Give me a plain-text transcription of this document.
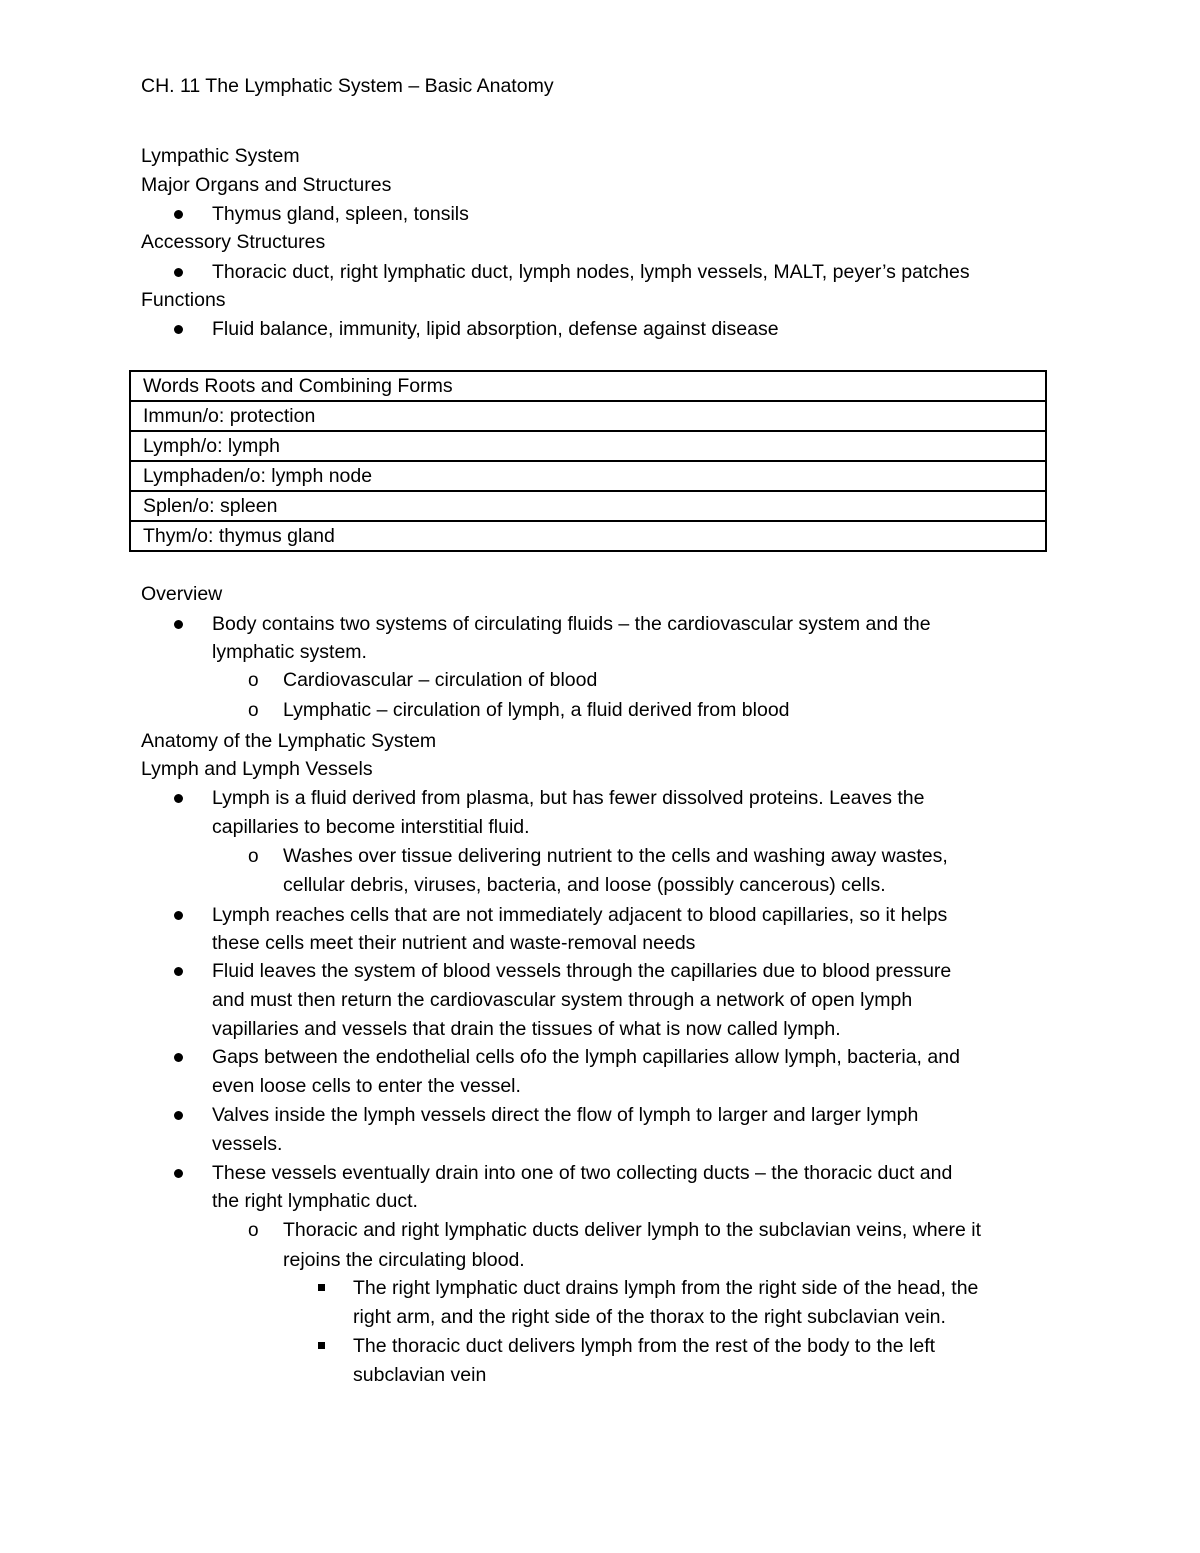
CH. 11 The Lymphatic System – Basic Anatomy
Lympathic System
Major Organs and Structures
Thymus gland, spleen, tonsils
Accessory Structures
Thoracic duct, right lymphatic duct, lymph nodes, lymph vessels, MALT, peyer’s patches
Functions
Fluid balance, immunity, lipid absorption, defense against disease
Words Roots and Combining Forms
Immun/o: protection
Lymph/o: lymph
Lymphaden/o: lymph node
Splen/o: spleen
Thym/o: thymus gland
Overview
Body contains two systems of circulating fluids – the cardiovascular system and the
lymphatic system.
o Cardiovascular – circulation of blood
o Lymphatic – circulation of lymph, a fluid derived from blood
Anatomy of the Lymphatic System
Lymph and Lymph Vessels
Lymph is a fluid derived from plasma, but has fewer dissolved proteins. Leaves the
capillaries to become interstitial fluid.
o Washes over tissue delivering nutrient to the cells and washing away wastes,
cellular debris, viruses, bacteria, and loose (possibly cancerous) cells.
Lymph reaches cells that are not immediately adjacent to blood capillaries, so it helps
these cells meet their nutrient and waste-removal needs
Fluid leaves the system of blood vessels through the capillaries due to blood pressure
and must then return the cardiovascular system through a network of open lymph
vapillaries and vessels that drain the tissues of what is now called lymph.
Gaps between the endothelial cells ofo the lymph capillaries allow lymph, bacteria, and
even loose cells to enter the vessel.
Valves inside the lymph vessels direct the flow of lymph to larger and larger lymph
vessels.
These vessels eventually drain into one of two collecting ducts – the thoracic duct and
the right lymphatic duct.
o Thoracic and right lymphatic ducts deliver lymph to the subclavian veins, where it
rejoins the circulating blood.
The right lymphatic duct drains lymph from the right side of the head, the
right arm, and the right side of the thorax to the right subclavian vein.
The thoracic duct delivers lymph from the rest of the body to the left
subclavian vein
